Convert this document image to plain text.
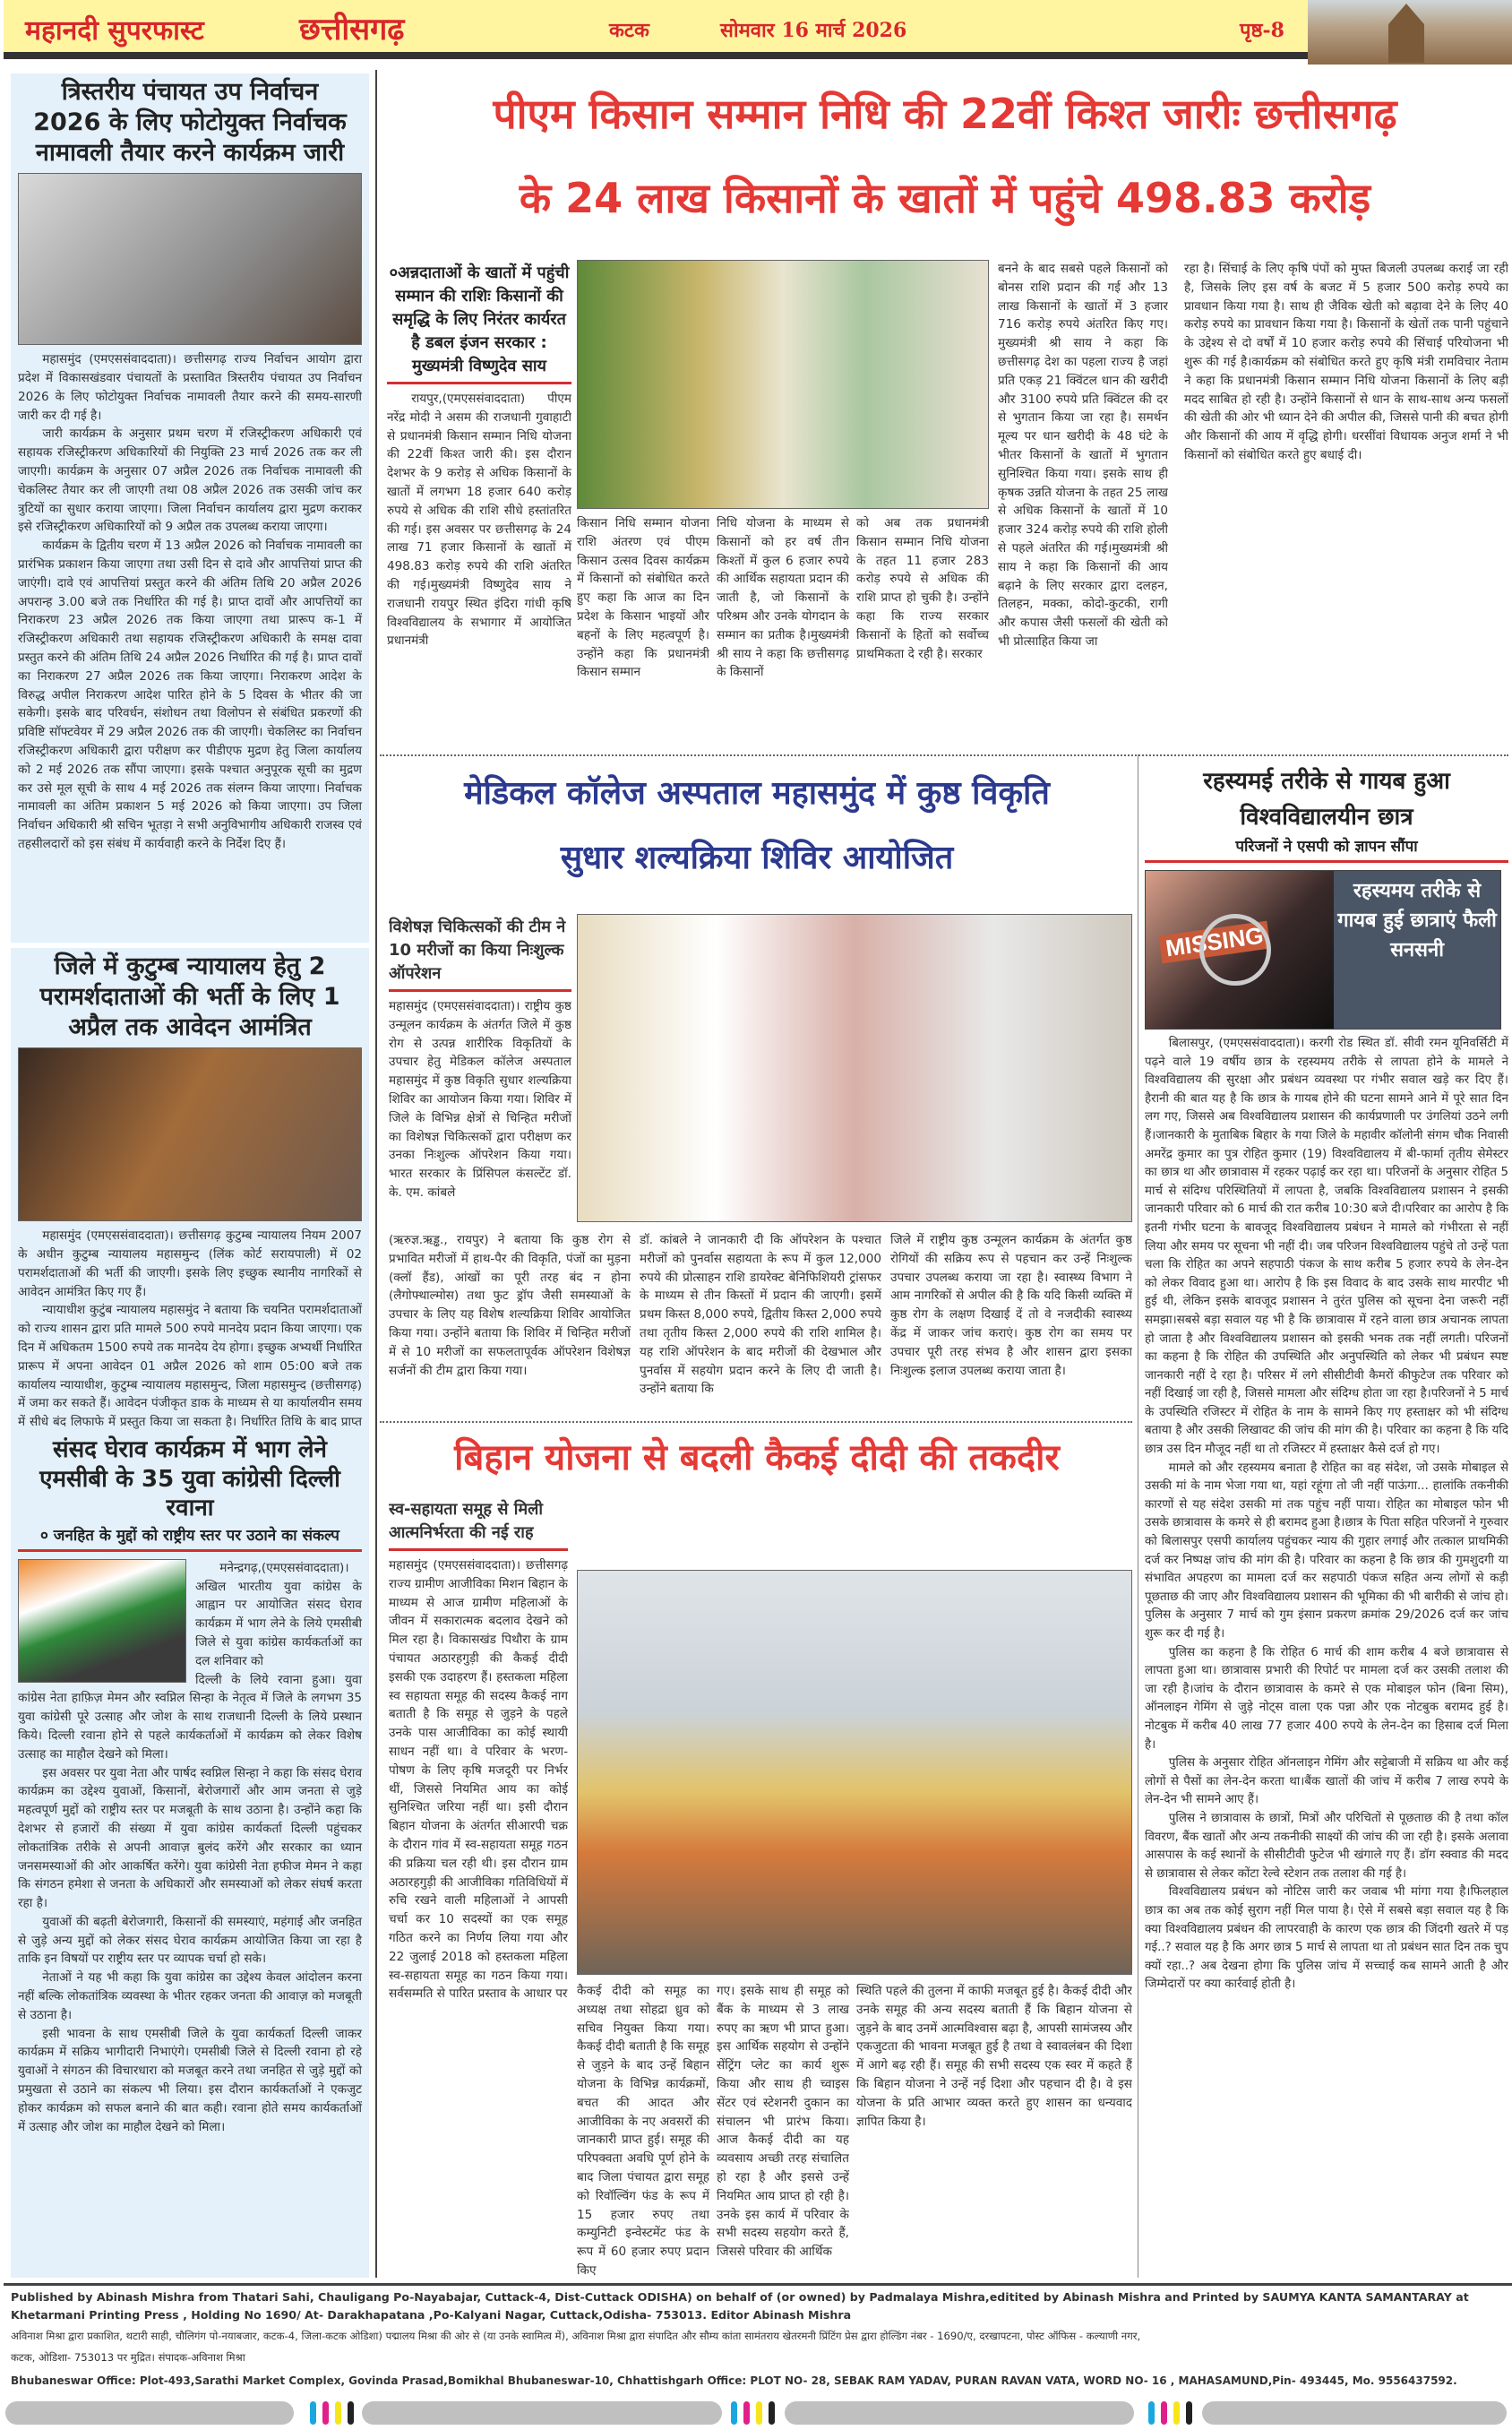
महानदी सुपरफास्ट	छत्तीसगढ़	कटक	सोमवार 16 मार्च 2026	पृष्ठ-8
त्रिस्तरीय पंचायत उप निर्वाचन 2026 के लिए फोटोयुक्त निर्वाचक नामावली तैयार करने कार्यक्रम जारी

महासमुंद (एमएससंवाददाता)। छत्तीसगढ़ राज्य निर्वाचन आयोग द्वारा प्रदेश में विकासखंडवार पंचायतों के प्रस्तावित त्रिस्तरीय पंचायत उप निर्वाचन 2026 के लिए फोटोयुक्त निर्वाचक नामावली तैयार करने की समय-सारणी जारी कर दी गई है।

जारी कार्यक्रम के अनुसार प्रथम चरण में रजिस्ट्रीकरण अधिकारी एवं सहायक रजिस्ट्रीकरण अधिकारियों की नियुक्ति 23 मार्च 2026 तक कर ली जाएगी। कार्यक्रम के अनुसार 07 अप्रैल 2026 तक निर्वाचक नामावली की चेकलिस्ट तैयार कर ली जाएगी तथा 08 अप्रैल 2026 तक उसकी जांच कर त्रुटियों का सुधार कराया जाएगा। जिला निर्वाचन कार्यालय द्वारा मुद्रण कराकर इसे रजिस्ट्रीकरण अधिकारियों को 9 अप्रैल तक उपलब्ध कराया जाएगा।

कार्यक्रम के द्वितीय चरण में 13 अप्रैल 2026 को निर्वाचक नामावली का प्रारंभिक प्रकाशन किया जाएगा तथा उसी दिन से दावे और आपत्तियां प्राप्त की जाएंगी। दावे एवं आपत्तियां प्रस्तुत करने की अंतिम तिथि 20 अप्रैल 2026 अपरान्ह 3.00 बजे तक निर्धारित की गई है। प्राप्त दावों और आपत्तियों का निराकरण 23 अप्रैल 2026 तक किया जाएगा तथा प्रारूप क-1 में रजिस्ट्रीकरण अधिकारी तथा सहायक रजिस्ट्रीकरण अधिकारी के समक्ष दावा प्रस्तुत करने की अंतिम तिथि 24 अप्रैल 2026 निर्धारित की गई है। प्राप्त दावों का निराकरण 27 अप्रैल 2026 तक किया जाएगा। निराकरण आदेश के विरुद्ध अपील निराकरण आदेश पारित होने के 5 दिवस के भीतर की जा सकेगी। इसके बाद परिवर्धन, संशोधन तथा विलोपन से संबंधित प्रकरणों की प्रविष्टि सॉफ्टवेयर में 29 अप्रैल 2026 तक की जाएगी। चेकलिस्ट का निर्वाचन रजिस्ट्रीकरण अधिकारी द्वारा परीक्षण कर पीडीएफ मुद्रण हेतु जिला कार्यालय को 2 मई 2026 तक सौंपा जाएगा। इसके पश्चात अनुपूरक सूची का मुद्रण कर उसे मूल सूची के साथ 4 मई 2026 तक संलग्न किया जाएगा। निर्वाचक नामावली का अंतिम प्रकाशन 5 मई 2026 को किया जाएगा। उप जिला निर्वाचन अधिकारी श्री सचिन भूतड़ा ने सभी अनुविभागीय अधिकारी राजस्व एवं तहसीलदारों को इस संबंध में कार्यवाही करने के निर्देश दिए हैं।

जिले में कुटुम्ब न्यायालय हेतु 2 परामर्शदाताओं की भर्ती के लिए 1 अप्रैल तक आवेदन आमंत्रित

महासमुंद (एमएससंवाददाता)। छत्तीसगढ़ कुटुम्ब न्यायालय नियम 2007 के अधीन कुटुम्ब न्यायालय महासमुन्द (लिंक कोर्ट सरायपाली) में 02 परामर्शदाताओं की भर्ती की जाएगी। इसके लिए इच्छुक स्थानीय नागरिकों से आवेदन आमंत्रित किए गए हैं।

न्यायाधीश कुटुंब न्यायालय महासमुंद ने बताया कि चयनित परामर्शदाताओं को राज्य शासन द्वारा प्रति मामले 500 रुपये मानदेय प्रदान किया जाएगा। एक दिन में अधिकतम 1500 रुपये तक मानदेय देय होगा। इच्छुक अभ्यर्थी निर्धारित प्रारूप में अपना आवेदन 01 अप्रैल 2026 को शाम 05:00 बजे तक कार्यालय न्यायाधीश, कुटुम्ब न्यायालय महासमुन्द, जिला महासमुन्द (छत्तीसगढ़) में जमा कर सकते हैं। आवेदन पंजीकृत डाक के माध्यम से या कार्यालयीन समय में सीधे बंद लिफाफे में प्रस्तुत किया जा सकता है। निर्धारित तिथि के बाद प्राप्त

संसद घेराव कार्यक्रम में भाग लेने एमसीबी के 35 युवा कांग्रेसी दिल्ली रवाना
० जनहित के मुद्दों को राष्ट्रीय स्तर पर उठाने का संकल्प

मनेन्द्रगढ़,(एमएससंवाददाता)। अखिल भारतीय युवा कांग्रेस के आह्वान पर आयोजित संसद घेराव कार्यक्रम में भाग लेने के लिये एमसीबी जिले से युवा कांग्रेस कार्यकर्ताओं का दल शनिवार को

दिल्ली के लिये रवाना हुआ। युवा कांग्रेस नेता हाफ़िज़ मेमन और स्वप्निल सिन्हा के नेतृत्व में जिले के लगभग 35 युवा कांग्रेसी पूरे उत्साह और जोश के साथ राजधानी दिल्ली के लिये प्रस्थान किये। दिल्ली रवाना होने से पहले कार्यकर्ताओं में कार्यक्रम को लेकर विशेष उत्साह का माहौल देखने को मिला।

इस अवसर पर युवा नेता और पार्षद स्वप्निल सिन्हा ने कहा कि संसद घेराव कार्यक्रम का उद्देश्य युवाओं, किसानों, बेरोजगारों और आम जनता से जुड़े महत्वपूर्ण मुद्दों को राष्ट्रीय स्तर पर मजबूती के साथ उठाना है। उन्होंने कहा कि देशभर से हजारों की संख्या में युवा कांग्रेस कार्यकर्ता दिल्ली पहुंचकर लोकतांत्रिक तरीके से अपनी आवाज़ बुलंद करेंगे और सरकार का ध्यान जनसमस्याओं की ओर आकर्षित करेंगे। युवा कांग्रेसी नेता हफीज मेमन ने कहा कि संगठन हमेशा से जनता के अधिकारों और समस्याओं को लेकर संघर्ष करता रहा है।

युवाओं की बढ़ती बेरोजगारी, किसानों की समस्याएं, महंगाई और जनहित से जुड़े अन्य मुद्दों को लेकर संसद घेराव कार्यक्रम आयोजित किया जा रहा है ताकि इन विषयों पर राष्ट्रीय स्तर पर व्यापक चर्चा हो सके।

नेताओं ने यह भी कहा कि युवा कांग्रेस का उद्देश्य केवल आंदोलन करना नहीं बल्कि लोकतांत्रिक व्यवस्था के भीतर रहकर जनता की आवाज़ को मजबूती से उठाना है।

इसी भावना के साथ एमसीबी जिले के युवा कार्यकर्ता दिल्ली जाकर कार्यक्रम में सक्रिय भागीदारी निभाएंगे। एमसीबी जिले से दिल्ली रवाना हो रहे युवाओं ने संगठन की विचारधारा को मजबूत करने तथा जनहित से जुड़े मुद्दों को प्रमुखता से उठाने का संकल्प भी लिया। इस दौरान कार्यकर्ताओं ने एकजुट होकर कार्यक्रम को सफल बनाने की बात कही। रवाना होते समय कार्यकर्ताओं में उत्साह और जोश का माहौल देखने को मिला।

पीएम किसान सम्मान निधि की 22वीं किश्त जारीः छत्तीसगढ़
के 24 लाख किसानों के खातों में पहुंचे 498.83 करोड़
०अन्नदाताओं के खातों में पहुंची सम्मान की राशिः किसानों की समृद्धि के लिए निरंतर कार्यरत है डबल इंजन सरकार : मुख्यमंत्री विष्णुदेव साय
रायपुर,(एमएससंवाददाता) पीएम नरेंद्र मोदी ने असम की राजधानी गुवाहाटी से प्रधानमंत्री किसान सम्मान निधि योजना की 22वीं किश्त जारी की। इस दौरान देशभर के 9 करोड़ से अधिक किसानों के खातों में लगभग 18 हजार 640 करोड़ रुपये से अधिक की राशि सीधे हस्तांतरित की गई। इस अवसर पर छत्तीसगढ़ के 24 लाख 71 हजार किसानों के खातों में 498.83 करोड़ रुपये की राशि अंतरित की गई।मुख्यमंत्री विष्णुदेव साय ने राजधानी रायपुर स्थित इंदिरा गांधी कृषि विश्वविद्यालय के सभागार में आयोजित प्रधानमंत्री
किसान निधि सम्मान योजना राशि अंतरण एवं पीएम किसान उत्सव दिवस कार्यक्रम में किसानों को संबोधित करते हुए कहा कि आज का दिन प्रदेश के किसान भाइयों और बहनों के लिए महत्वपूर्ण है। उन्होंने कहा कि प्रधानमंत्री किसान सम्मान
निधि योजना के माध्यम से किसानों को हर वर्ष तीन किश्तों में कुल 6 हजार रुपये की आर्थिक सहायता प्रदान की जाती है, जो किसानों के परिश्रम और उनके योगदान के सम्मान का प्रतीक है।मुख्यमंत्री श्री साय ने कहा कि छत्तीसगढ़ के किसानों
को अब तक प्रधानमंत्री किसान सम्मान निधि योजना के तहत 11 हजार 283 करोड़ रुपये से अधिक की राशि प्राप्त हो चुकी है। उन्होंने कहा कि राज्य सरकार किसानों के हितों को सर्वोच्च प्राथमिकता दे रही है। सरकार
बनने के बाद सबसे पहले किसानों को बोनस राशि प्रदान की गई और 13 लाख किसानों के खातों में 3 हजार 716 करोड़ रुपये अंतरित किए गए।मुख्यमंत्री श्री साय ने कहा कि छत्तीसगढ़ देश का पहला राज्य है जहां प्रति एकड़ 21 क्विंटल धान की खरीदी और 3100 रुपये प्रति क्विंटल की दर से भुगतान किया जा रहा है। समर्थन मूल्य पर धान खरीदी के 48 घंटे के भीतर किसानों के खातों में भुगतान सुनिश्चित किया गया। इसके साथ ही कृषक उन्नति योजना के तहत 25 लाख से अधिक किसानों के खातों में 10 हजार 324 करोड़ रुपये की राशि होली से पहले अंतरित की गई।मुख्यमंत्री श्री साय ने कहा कि किसानों की आय बढ़ाने के लिए सरकार द्वारा दलहन, तिलहन, मक्का, कोदो-कुटकी, रागी और कपास जैसी फसलों की खेती को भी प्रोत्साहित किया जा
रहा है। सिंचाई के लिए कृषि पंपों को मुफ्त बिजली उपलब्ध कराई जा रही है, जिसके लिए इस वर्ष के बजट में 5 हजार 500 करोड़ रुपये का प्रावधान किया गया है। साथ ही जैविक खेती को बढ़ावा देने के लिए 40 करोड़ रुपये का प्रावधान किया गया है। किसानों के खेतों तक पानी पहुंचाने के उद्देश्य से दो वर्षों में 10 हजार करोड़ रुपये की सिंचाई परियोजना भी शुरू की गई है।कार्यक्रम को संबोधित करते हुए कृषि मंत्री रामविचार नेताम ने कहा कि प्रधानमंत्री किसान सम्मान निधि योजना किसानों के लिए बड़ी मदद साबित हो रही है। उन्होंने किसानों से धान के साथ-साथ अन्य फसलों की खेती की ओर भी ध्यान देने की अपील की, जिससे पानी की बचत होगी और किसानों की आय में वृद्धि होगी। धरसींवां विधायक अनुज शर्मा ने भी किसानों को संबोधित करते हुए बधाई दी।
मेडिकल कॉलेज अस्पताल महासमुंद में कुष्ठ विकृति
सुधार शल्यक्रिया शिविर आयोजित
विशेषज्ञ चिकित्सकों की टीम ने 10 मरीजों का किया निःशुल्क ऑपरेशन
महासमुंद (एमएससंवाददाता)। राष्ट्रीय कुष्ठ उन्मूलन कार्यक्रम के अंतर्गत जिले में कुष्ठ रोग से उत्पन्न शारीरिक विकृतियों के उपचार हेतु मेडिकल कॉलेज अस्पताल महासमुंद में कुष्ठ विकृति सुधार शल्यक्रिया शिविर का आयोजन किया गया। शिविर में जिले के विभिन्न क्षेत्रों से चिन्हित मरीजों का विशेषज्ञ चिकित्सकों द्वारा परीक्षण कर उनका निःशुल्क ऑपरेशन किया गया। भारत सरकार के प्रिंसिपल कंसल्टेंट डॉ. के. एम. कांबले
(ऋरुज्ञ.ऋड्ढ., रायपुर) ने बताया कि कुष्ठ रोग से प्रभावित मरीजों में हाथ-पैर की विकृति, पंजों का मुड़ना (क्लॉ हैंड), आंखों का पूरी तरह बंद न होना (लैगोफ्थाल्मोस) तथा फुट ड्रॉप जैसी समस्याओं के उपचार के लिए यह विशेष शल्यक्रिया शिविर आयोजित किया गया। उन्होंने बताया कि शिविर में चिन्हित मरीजों में से 10 मरीजों का सफलतापूर्वक ऑपरेशन विशेषज्ञ सर्जनों की टीम द्वारा किया गया।
डॉ. कांबले ने जानकारी दी कि ऑपरेशन के पश्चात मरीजों को पुनर्वास सहायता के रूप में कुल 12,000 रुपये की प्रोत्साहन राशि डायरेक्ट बेनिफिशियरी ट्रांसफर के माध्यम से तीन किस्तों में प्रदान की जाएगी। इसमें प्रथम किस्त 8,000 रुपये, द्वितीय किस्त 2,000 रुपये तथा तृतीय किस्त 2,000 रुपये की राशि शामिल है। यह राशि ऑपरेशन के बाद मरीजों की देखभाल और पुनर्वास में सहयोग प्रदान करने के लिए दी जाती है। उन्होंने बताया कि
जिले में राष्ट्रीय कुष्ठ उन्मूलन कार्यक्रम के अंतर्गत कुष्ठ रोगियों की सक्रिय रूप से पहचान कर उन्हें निःशुल्क उपचार उपलब्ध कराया जा रहा है। स्वास्थ्य विभाग ने आम नागरिकों से अपील की है कि यदि किसी व्यक्ति में कुष्ठ रोग के लक्षण दिखाई दें तो वे नजदीकी स्वास्थ्य केंद्र में जाकर जांच कराएं। कुष्ठ रोग का समय पर उपचार पूरी तरह संभव है और शासन द्वारा इसका निःशुल्क इलाज उपलब्ध कराया जाता है।
बिहान योजना से बदली कैकई दीदी की तकदीर
स्व-सहायता समूह से मिली आत्मनिर्भरता की नई राह
महासमुंद (एमएससंवाददाता)। छत्तीसगढ़ राज्य ग्रामीण आजीविका मिशन बिहान के माध्यम से आज ग्रामीण महिलाओं के जीवन में सकारात्मक बदलाव देखने को मिल रहा है। विकासखंड पिथौरा के ग्राम पंचायत अठारहगुड़ी की कैकई दीदी इसकी एक उदाहरण हैं। हस्तकला महिला स्व सहायता समूह की सदस्य कैकई नाग बताती है कि समूह से जुड़ने के पहले उनके पास आजीविका का कोई स्थायी साधन नहीं था। वे परिवार के भरण-पोषण के लिए कृषि मजदूरी पर निर्भर थीं, जिससे नियमित आय का कोई सुनिश्चित जरिया नहीं था। इसी दौरान बिहान योजना के अंतर्गत सीआरपी चक्र के दौरान गांव में स्व-सहायता समूह गठन की प्रक्रिया चल रही थी। इस दौरान ग्राम अठारहगुड़ी की आजीविका गतिविधियों में रुचि रखने वाली महिलाओं ने आपसी चर्चा कर 10 सदस्यों का एक समूह गठित करने का निर्णय लिया गया और 22 जुलाई 2018 को हस्तकला महिला स्व-सहायता समूह का गठन किया गया। सर्वसम्मति से पारित प्रस्ताव के आधार पर कैकई दीदी को समूह का अध्यक्ष तथा सोहद्रा ध्रुव को सचिव नियुक्त किया गया। कैकई दीदी बताती है कि समूह से जुड़ने के बाद उन्हें बिहान योजना के विभिन्न कार्यक्रमों, बचत की आदत और आजीविका के नए अवसरों की जानकारी प्राप्त हुई। समूह की परिपक्वता अवधि पूर्ण होने के बाद जिला पंचायत द्वारा समूह को रिवॉल्विंग फंड के रूप में 15 हजार रुपए तथा कम्युनिटी इन्वेस्टमेंट फंड के रूप में 60 हजार रुपए प्रदान किए
गए। इसके साथ ही समूह को बैंक के माध्यम से 3 लाख रुपए का ऋण भी प्राप्त हुआ। इस आर्थिक सहयोग से उन्होंने सेंट्रिंग प्लेट का कार्य शुरू किया और साथ ही च्वाइस सेंटर एवं स्टेशनरी दुकान का संचालन भी प्रारंभ किया। आज कैकई दीदी का यह व्यवसाय अच्छी तरह संचालित हो रहा है और इससे उन्हें नियमित आय प्राप्त हो रही है। उनके इस कार्य में परिवार के सभी सदस्य सहयोग करते हैं, जिससे परिवार की आर्थिक
स्थिति पहले की तुलना में काफी मजबूत हुई है। कैकई दीदी और उनके समूह की अन्य सदस्य बताती हैं कि बिहान योजना से जुड़ने के बाद उनमें आत्मविश्वास बढ़ा है, आपसी सामंजस्य और एकजुटता की भावना मजबूत हुई है तथा वे स्वावलंबन की दिशा में आगे बढ़ रही हैं। समूह की सभी सदस्य एक स्वर में कहते हैं कि बिहान योजना ने उन्हें नई दिशा और पहचान दी है। वे इस योजना के प्रति आभार व्यक्त करते हुए शासन का धन्यवाद ज्ञापित किया है।
रहस्यमई तरीके से गायब हुआ विश्वविद्यालयीन छात्र
परिजनों ने एसपी को ज्ञापन सौंपा
MISSING
रहस्यमय तरीके से गायब हुई छात्राएं फैली सनसनी

बिलासपुर, (एमएससंवाददाता)। करगी रोड स्थित डॉ. सीवी रमन यूनिवर्सिटी में पढ़ने वाले 19 वर्षीय छात्र के रहस्यमय तरीके से लापता होने के मामले ने विश्वविद्यालय की सुरक्षा और प्रबंधन व्यवस्था पर गंभीर सवाल खड़े कर दिए हैं। हैरानी की बात यह है कि छात्र के गायब होने की घटना सामने आने में पूरे सात दिन लग गए, जिससे अब विश्वविद्यालय प्रशासन की कार्यप्रणाली पर उंगलियां उठने लगी हैं।जानकारी के मुताबिक बिहार के गया जिले के महावीर कॉलोनी संगम चौक निवासी अमरेंद्र कुमार का पुत्र रोहित कुमार (19) विश्वविद्यालय में बी-फार्मा तृतीय सेमेस्टर का छात्र था और छात्रावास में रहकर पढ़ाई कर रहा था। परिजनों के अनुसार रोहित 5 मार्च से संदिग्ध परिस्थितियों में लापता है, जबकि विश्वविद्यालय प्रशासन ने इसकी जानकारी परिवार को 6 मार्च की रात करीब 10:30 बजे दी।परिवार का आरोप है कि इतनी गंभीर घटना के बावजूद विश्वविद्यालय प्रबंधन ने मामले को गंभीरता से नहीं लिया और समय पर सूचना भी नहीं दी। जब परिजन विश्वविद्यालय पहुंचे तो उन्हें पता चला कि रोहित का अपने सहपाठी पंकज के साथ करीब 5 हजार रुपये के लेन-देन को लेकर विवाद हुआ था। आरोप है कि इस विवाद के बाद उसके साथ मारपीट भी हुई थी, लेकिन इसके बावजूद प्रशासन ने तुरंत पुलिस को सूचना देना जरूरी नहीं समझा।सबसे बड़ा सवाल यह भी है कि छात्रावास में रहने वाला छात्र अचानक लापता हो जाता है और विश्वविद्यालय प्रशासन को इसकी भनक तक नहीं लगती। परिजनों का कहना है कि रोहित की उपस्थिति और अनुपस्थिति को लेकर भी प्रबंधन स्पष्ट जानकारी नहीं दे रहा है। परिसर में लगे सीसीटीवी कैमरों कीफुटेज तक परिवार को नहीं दिखाई जा रही है, जिससे मामला और संदिग्ध होता जा रहा है।परिजनों ने 5 मार्च के उपस्थिति रजिस्टर में रोहित के नाम के सामने किए गए हस्ताक्षर को भी संदिग्ध बताया है और उसकी लिखावट की जांच की मांग की है। परिवार का कहना है कि यदि छात्र उस दिन मौजूद नहीं था तो रजिस्टर में हस्ताक्षर कैसे दर्ज हो गए।

मामले को और रहस्यमय बनाता है रोहित का वह संदेश, जो उसके मोबाइल से उसकी मां के नाम भेजा गया था, यहां रहूंगा तो जी नहीं पाऊंगा... हालांकि तकनीकी कारणों से यह संदेश उसकी मां तक पहुंच नहीं पाया। रोहित का मोबाइल फोन भी उसके छात्रावास के कमरे से ही बरामद हुआ है।छात्र के पिता सहित परिजनों ने गुरुवार को बिलासपुर एसपी कार्यालय पहुंचकर न्याय की गुहार लगाई और तत्काल प्राथमिकी दर्ज कर निष्पक्ष जांच की मांग की है। परिवार का कहना है कि छात्र की गुमशुदगी या संभावित अपहरण का मामला दर्ज कर सहपाठी पंकज सहित अन्य लोगों से कड़ी पूछताछ की जाए और विश्वविद्यालय प्रशासन की भूमिका की भी बारीकी से जांच हो।पुलिस के अनुसार 7 मार्च को गुम इंसान प्रकरण क्रमांक 29/2026 दर्ज कर जांच शुरू कर दी गई है।

पुलिस का कहना है कि रोहित 6 मार्च की शाम करीब 4 बजे छात्रावास से लापता हुआ था। छात्रावास प्रभारी की रिपोर्ट पर मामला दर्ज कर उसकी तलाश की जा रही है।जांच के दौरान छात्रावास के कमरे से एक मोबाइल फोन (बिना सिम), ऑनलाइन गेमिंग से जुड़े नोट्स वाला एक पन्ना और एक नोटबुक बरामद हुई है। नोटबुक में करीब 40 लाख 77 हजार 400 रुपये के लेन-देन का हिसाब दर्ज मिला है।

पुलिस के अनुसार रोहित ऑनलाइन गेमिंग और सट्टेबाजी में सक्रिय था और कई लोगों से पैसों का लेन-देन करता था।बैंक खातों की जांच में करीब 7 लाख रुपये के लेन-देन भी सामने आए हैं।

पुलिस ने छात्रावास के छात्रों, मित्रों और परिचितों से पूछताछ की है तथा कॉल विवरण, बैंक खातों और अन्य तकनीकी साक्ष्यों की जांच की जा रही है। इसके अलावा आसपास के कई स्थानों के सीसीटीवी फुटेज भी खंगाले गए हैं। डॉग स्क्वाड की मदद से छात्रावास से लेकर कोंटा रेल्वे स्टेशन तक तलाश की गई है।

विश्वविद्यालय प्रबंधन को नोटिस जारी कर जवाब भी मांगा गया है।फिलहाल छात्र का अब तक कोई सुराग नहीं मिल पाया है। ऐसे में सबसे बड़ा सवाल यह है कि क्या विश्वविद्यालय प्रबंधन की लापरवाही के कारण एक छात्र की जिंदगी खतरे में पड़ गई..? सवाल यह है कि अगर छात्र 5 मार्च से लापता था तो प्रबंधन सात दिन तक चुप क्यों रहा..? अब देखना होगा कि पुलिस जांच में सच्चाई कब सामने आती है और जिम्मेदारों पर क्या कार्रवाई होती है।

Published by Abinash Mishra from Thatari Sahi, Chauligang Po-Nayabajar, Cuttack-4, Dist-Cuttack ODISHA) on behalf of (or owned) by Padmalaya Mishra,editited by Abinash Mishra and Printed by SAUMYA KANTA SAMANTARAY at
Khetarmani Printing Press , Holding No 1690/ At- Darakhapatana ,Po-Kalyani Nagar, Cuttack,Odisha- 753013. Editor Abinash Mishra
अविनाश मिश्रा द्वारा प्रकाशित, थटारी साही, चौलिगंग पो-नयाबजार, कटक-4, जिला-कटक ओडिशा) पद्मालय मिश्रा की ओर से (या उनके स्वामित्व में), अविनाश मिश्रा द्वारा संपादित और सौम्य कांता सामंतराय खेतरमनी प्रिंटिंग प्रेस द्वारा होल्डिंग नंबर - 1690/ए, दरखापटना, पोस्ट ऑफिस - कल्याणी नगर,
कटक, ओडिशा- 753013 पर मुद्रित। संपादक-अविनाश मिश्रा
Bhubaneswar Office: Plot-493,Sarathi Market Complex, Govinda Prasad,Bomikhal Bhubaneswar-10, Chhattishgarh Office: PLOT NO- 28, SEBAK RAM YADAV, PURAN RAVAN VATA, WORD NO- 16 , MAHASAMUND,Pin- 493445, Mo. 9556437592.
